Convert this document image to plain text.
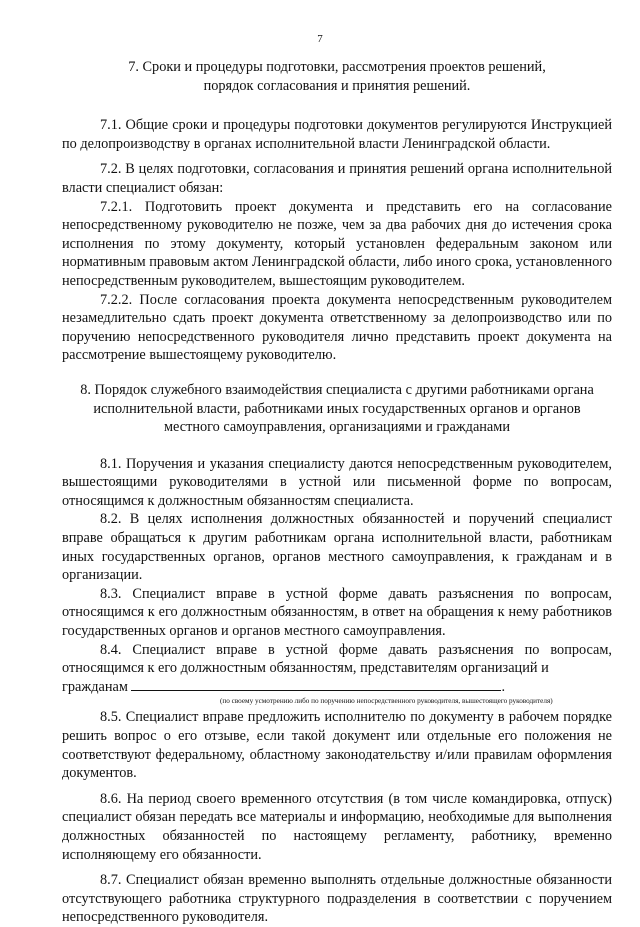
7
7. Сроки и процедуры подготовки, рассмотрения проектов решений,
порядок согласования и принятия решений.

7.1. Общие сроки и процедуры подготовки документов регулируются Инструкцией по делопроизводству в органах исполнительной власти Ленинградской области.

7.2. В целях подготовки, согласования и принятия решений органа исполнительной власти специалист обязан:

7.2.1. Подготовить проект документа и представить его на согласование непосредственному руководителю не позже, чем за два рабочих дня до истечения срока исполнения по этому документу, который установлен федеральным законом или нормативным правовым актом Ленинградской области, либо иного срока, установленного непосредственным руководителем, вышестоящим руководителем.

7.2.2. После согласования проекта документа непосредственным руководителем незамедлительно сдать проект документа ответственному за делопроизводство или по поручению непосредственного руководителя лично представить проект документа на рассмотрение вышестоящему руководителю.

8. Порядок служебного взаимодействия специалиста с другими работниками органа
исполнительной власти, работниками иных государственных органов и органов
местного самоуправления, организациями и гражданами

8.1. Поручения и указания специалисту даются непосредственным руководителем, вышестоящими руководителями в устной или письменной форме по вопросам, относящимся к должностным обязанностям специалиста.

8.2. В целях исполнения должностных обязанностей и поручений специалист вправе обращаться к другим работникам органа исполнительной власти, работникам иных государственных органов, органов местного самоуправления, к гражданам и в организации.

8.3. Специалист вправе в устной форме давать разъяснения по вопросам, относящимся к его должностным обязанностям, в ответ на обращения к нему работников государственных органов и органов местного самоуправления.

8.4. Специалист вправе в устной форме давать разъяснения по вопросам, относящимся к его должностным обязанностям, представителям организаций и

гражданам	.
(по своему усмотрению либо по поручению непосредственного руководителя, вышестоящего руководителя)

8.5. Специалист вправе предложить исполнителю по документу в рабочем порядке решить вопрос о его отзыве, если такой документ или отдельные его положения не соответствуют федеральному, областному законодательству и/или правилам оформления документов.

8.6. На период своего временного отсутствия (в том числе командировка, отпуск) специалист обязан передать все материалы и информацию, необходимые для выполнения должностных обязанностей по настоящему регламенту, работнику, временно исполняющему его обязанности.

8.7. Специалист обязан временно выполнять отдельные должностные обязанности отсутствующего работника структурного подразделения в соответствии с поручением непосредственного руководителя.
